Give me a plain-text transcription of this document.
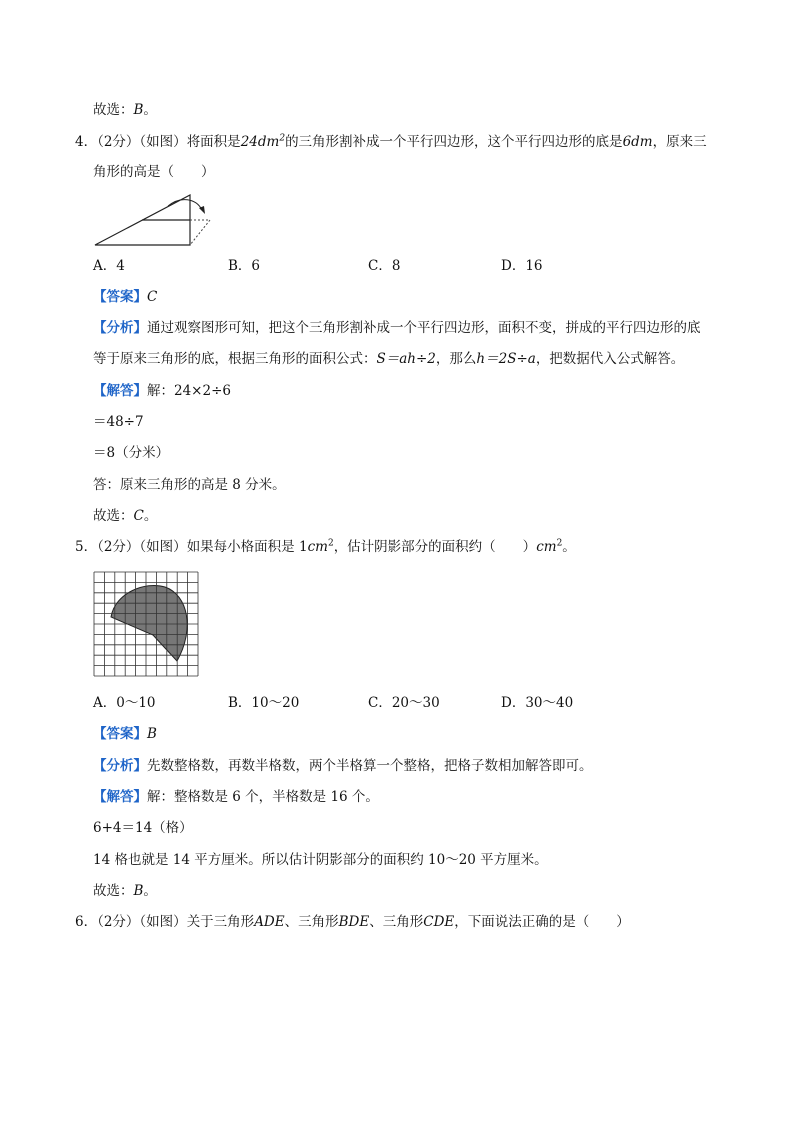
故选：B。
4．（2分）（如图）将面积是$24dm^2$的三角形割补成一个平行四边形，这个平行四边形的底是6dm，原来三
角形的高是（　　）
A．4	B．6	C．8	D．16
【答案】C
【分析】通过观察图形可知，把这个三角形割补成一个平行四边形，面积不变，拼成的平行四边形的底
等于原来三角形的底，根据三角形的面积公式：S＝ah÷2，那么h＝2S÷a，把数据代入公式解答。
【解答】解：24×2÷6
＝48÷7
＝8（分米）
答：原来三角形的高是 8 分米。
故选：C。
5．（2分）（如图）如果每小格面积是 $1cm^2$，估计阴影部分的面积约（　　）$cm^2$。
A．0～10	B．10～20	C．20～30	D．30～40
【答案】B
【分析】先数整格数，再数半格数，两个半格算一个整格，把格子数相加解答即可。
【解答】解：整格数是 6 个，半格数是 16 个。
6+4＝14（格）
14 格也就是 14 平方厘米。所以估计阴影部分的面积约 10～20 平方厘米。
故选：B。
6．（2分）（如图）关于三角形ADE、三角形BDE、三角形CDE，下面说法正确的是（　　）
